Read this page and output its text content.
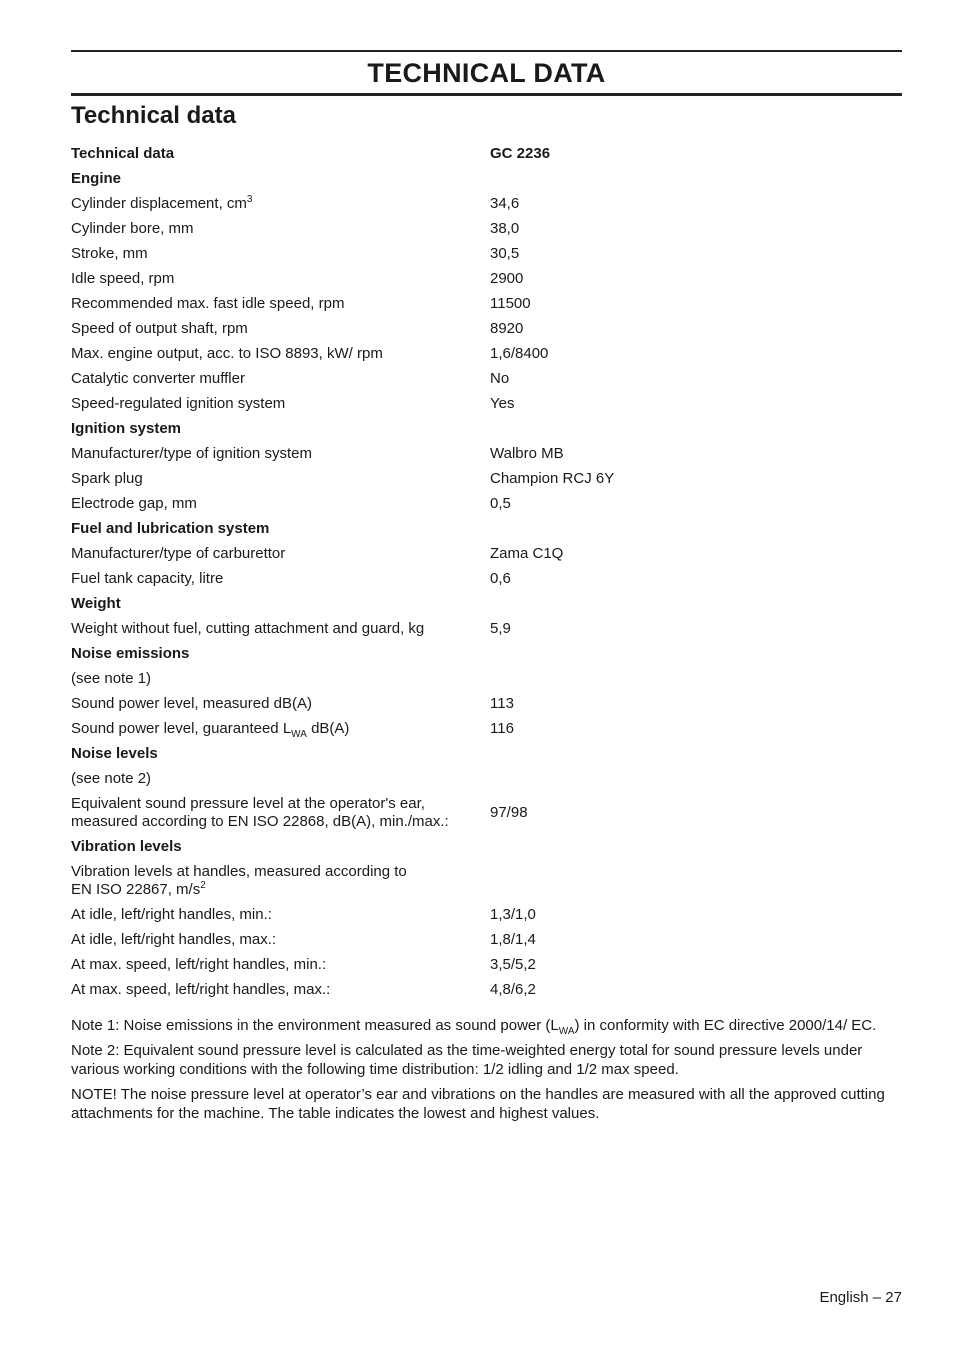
TECHNICAL DATA
Technical data
Technical data	GC 2236
Engine	
Cylinder displacement, $cm^3$	34,6
Cylinder bore, mm	38,0
Stroke, mm	30,5
Idle speed, rpm	2900
Recommended max. fast idle speed, rpm	11500
Speed of output shaft, rpm	8920
Max. engine output, acc. to ISO 8893, kW/ rpm	1,6/8400
Catalytic converter muffler	No
Speed-regulated ignition system	Yes
Ignition system	
Manufacturer/type of ignition system	Walbro MB
Spark plug	Champion RCJ 6Y
Electrode gap, mm	0,5
Fuel and lubrication system	
Manufacturer/type of carburettor	Zama C1Q
Fuel tank capacity, litre	0,6
Weight	
Weight without fuel, cutting attachment and guard, kg	5,9
Noise emissions	
(see note 1)	
Sound power level, measured dB(A)	113
Sound power level, guaranteed $L_{WA}$ dB(A)	116
Noise levels	
(see note 2)	
Equivalent sound pressure level at the operator's ear,
measured according to EN ISO 22868, dB(A), min./max.:	97/98
Vibration levels	
Vibration levels at handles, measured according to
EN ISO 22867, $m/s^2$	
At idle, left/right handles, min.:	1,3/1,0
At idle, left/right handles, max.:	1,8/1,4
At max. speed, left/right handles, min.:	3,5/5,2
At max. speed, left/right handles, max.:	4,8/6,2

Note 1: Noise emissions in the environment measured as sound power $(L_{WA})$ in conformity with EC directive 2000/14/ EC.

Note 2: Equivalent sound pressure level is calculated as the time-weighted energy total for sound pressure levels under various working conditions with the following time distribution: 1/2 idling and 1/2 max speed.

NOTE! The noise pressure level at operator’s ear and vibrations on the handles are measured with all the approved cutting attachments for the machine. The table indicates the lowest and highest values.

English – 27
